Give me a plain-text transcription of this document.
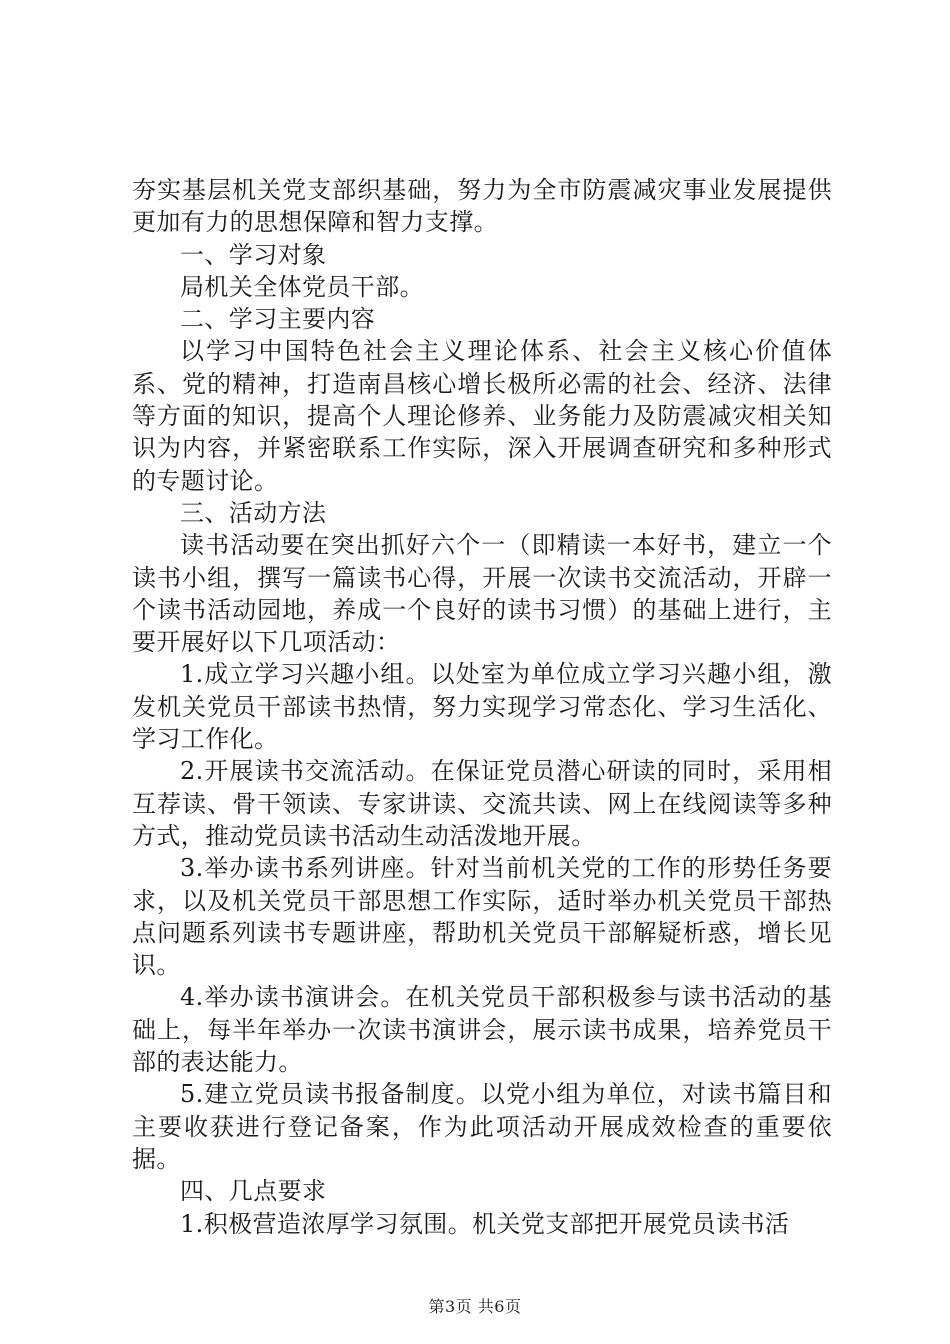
夯实基层机关党支部织基础，努力为全市防震减灾事业发展提供更加有力的思想保障和智力支撑。

一、学习对象

局机关全体党员干部。

二、学习主要内容

以学习中国特色社会主义理论体系、社会主义核心价值体系、党的精神，打造南昌核心增长极所必需的社会、经济、法律等方面的知识，提高个人理论修养、业务能力及防震减灾相关知识为内容，并紧密联系工作实际，深入开展调查研究和多种形式的专题讨论。

三、活动方法

读书活动要在突出抓好六个一（即精读一本好书，建立一个读书小组，撰写一篇读书心得，开展一次读书交流活动，开辟一个读书活动园地，养成一个良好的读书习惯）的基础上进行，主要开展好以下几项活动：

1.成立学习兴趣小组。以处室为单位成立学习兴趣小组，激发机关党员干部读书热情，努力实现学习常态化、学习生活化、学习工作化。

2.开展读书交流活动。在保证党员潜心研读的同时，采用相互荐读、骨干领读、专家讲读、交流共读、网上在线阅读等多种方式，推动党员读书活动生动活泼地开展。

3.举办读书系列讲座。针对当前机关党的工作的形势任务要求，以及机关党员干部思想工作实际，适时举办机关党员干部热点问题系列读书专题讲座，帮助机关党员干部解疑析惑，增长见识。

4.举办读书演讲会。在机关党员干部积极参与读书活动的基础上，每半年举办一次读书演讲会，展示读书成果，培养党员干部的表达能力。

5.建立党员读书报备制度。以党小组为单位，对读书篇目和主要收获进行登记备案，作为此项活动开展成效检查的重要依据。

四、几点要求

1.积极营造浓厚学习氛围。机关党支部把开展党员读书活

第3页 共6页
